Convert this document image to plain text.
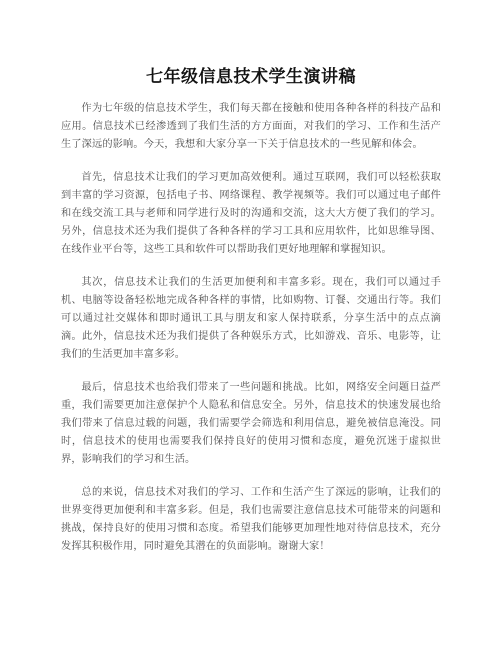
七年级信息技术学生演讲稿

作为七年级的信息技术学生，我们每天都在接触和使用各种各样的科技产品和应用。信息技术已经渗透到了我们生活的方方面面，对我们的学习、工作和生活产生了深远的影响。今天，我想和大家分享一下关于信息技术的一些见解和体会。

首先，信息技术让我们的学习更加高效便利。通过互联网，我们可以轻松获取到丰富的学习资源，包括电子书、网络课程、教学视频等。我们可以通过电子邮件和在线交流工具与老师和同学进行及时的沟通和交流，这大大方便了我们的学习。另外，信息技术还为我们提供了各种各样的学习工具和应用软件，比如思维导图、在线作业平台等，这些工具和软件可以帮助我们更好地理解和掌握知识。

其次，信息技术让我们的生活更加便利和丰富多彩。现在，我们可以通过手机、电脑等设备轻松地完成各种各样的事情，比如购物、订餐、交通出行等。我们可以通过社交媒体和即时通讯工具与朋友和家人保持联系，分享生活中的点点滴滴。此外，信息技术还为我们提供了各种娱乐方式，比如游戏、音乐、电影等，让我们的生活更加丰富多彩。

最后，信息技术也给我们带来了一些问题和挑战。比如，网络安全问题日益严重，我们需要更加注意保护个人隐私和信息安全。另外，信息技术的快速发展也给我们带来了信息过载的问题，我们需要学会筛选和利用信息，避免被信息淹没。同时，信息技术的使用也需要我们保持良好的使用习惯和态度，避免沉迷于虚拟世界，影响我们的学习和生活。

总的来说，信息技术对我们的学习、工作和生活产生了深远的影响，让我们的世界变得更加便利和丰富多彩。但是，我们也需要注意信息技术可能带来的问题和挑战，保持良好的使用习惯和态度。希望我们能够更加理性地对待信息技术，充分发挥其积极作用，同时避免其潜在的负面影响。谢谢大家！
